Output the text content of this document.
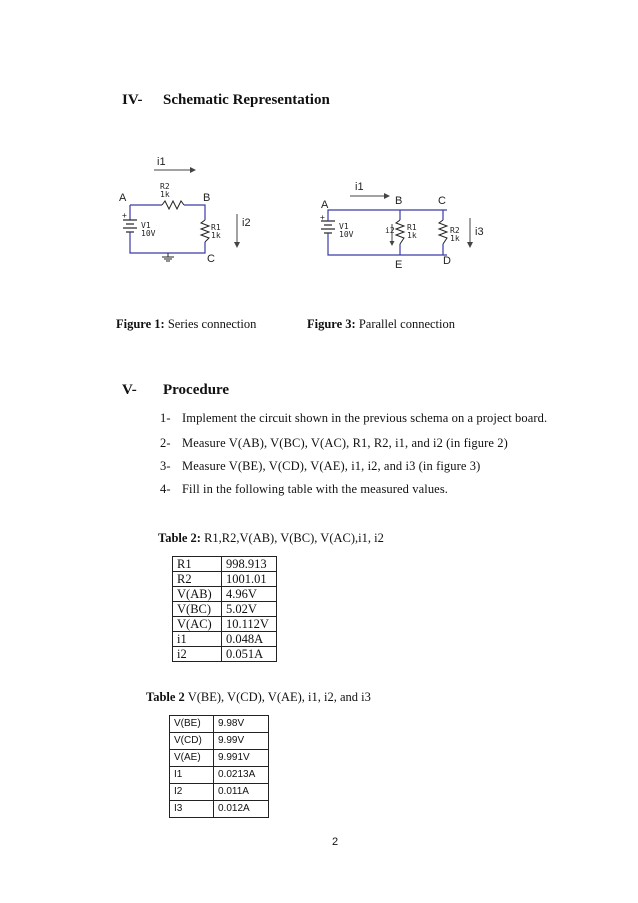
IV- Schematic Representation
i1
A	B
C
R2
1k
R1
1k
+
V1
10V
i2
i1
A	B	C
D
E
+
V1
10V
R1
1k
R2
1k
i2	i3
Figure 1: Series connection	Figure 3: Parallel connection
V- Procedure
1- Implement the circuit shown in the previous schema on a project board.
2- Measure V(AB), V(BC), V(AC), R1, R2, i1, and i2 (in figure 2)
3- Measure V(BE), V(CD), V(AE), i1, i2, and i3 (in figure 3)
4- Fill in the following table with the measured values.
Table 2: R1,R2,V(AB), V(BC), V(AC),i1, i2
R1	998.913
R2	1001.01
V(AB)	4.96V
V(BC)	5.02V
V(AC)	10.112V
i1	0.048A
i2	0.051A
Table 2 V(BE), V(CD), V(AE), i1, i2, and i3
V(BE)	9.98V
V(CD)	9.99V
V(AE)	9.991V
I1	0.0213A
I2	0.011A
I3	0.012A
2
